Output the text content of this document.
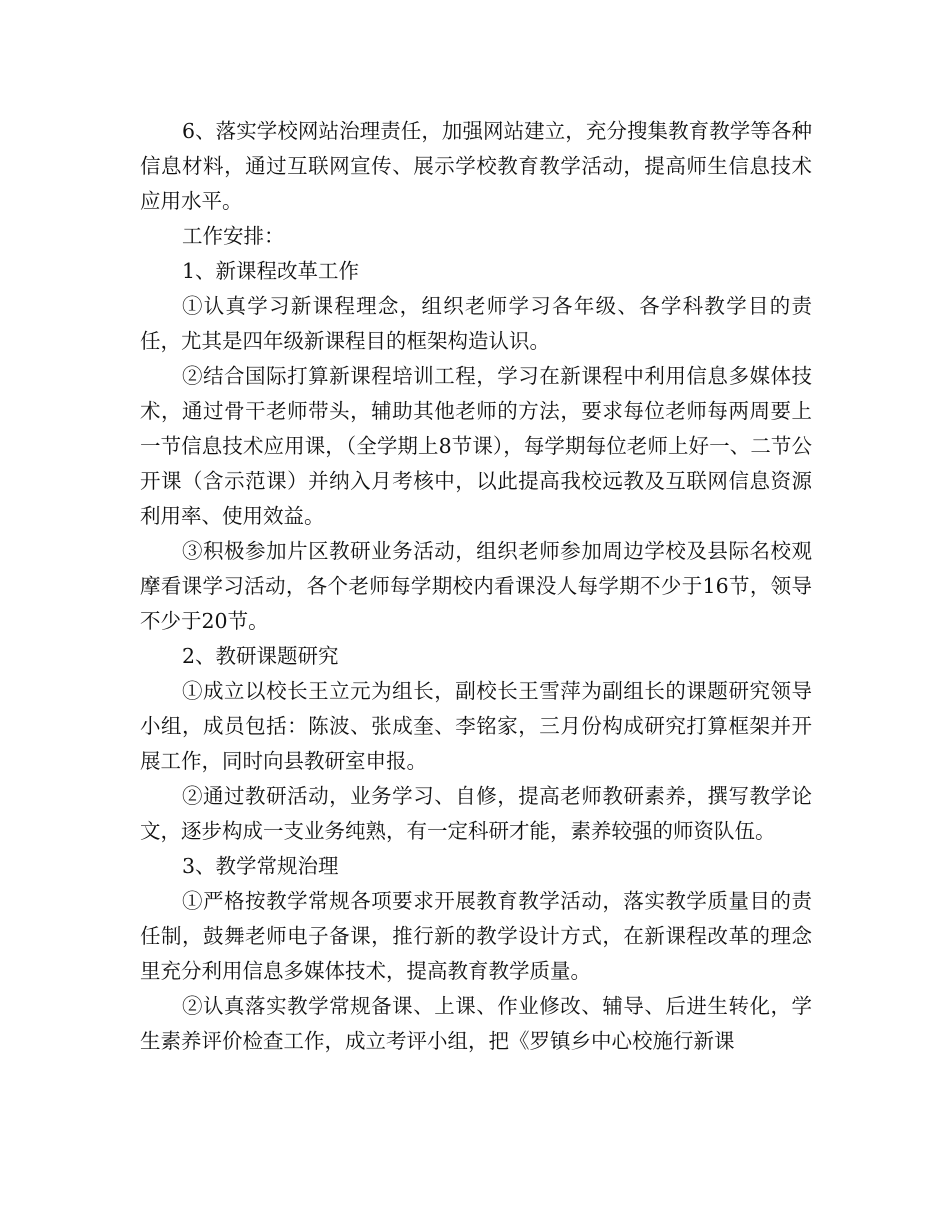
6、落实学校网站治理责任，加强网站建立，充分搜集教育教学等各种信息材料，通过互联网宣传、展示学校教育教学活动，提高师生信息技术应用水平。

工作安排：

1、新课程改革工作

①认真学习新课程理念，组织老师学习各年级、各学科教学目的责任，尤其是四年级新课程目的框架构造认识。

②结合国际打算新课程培训工程，学习在新课程中利用信息多媒体技术，通过骨干老师带头，辅助其他老师的方法，要求每位老师每两周要上一节信息技术应用课，（全学期上8节课），每学期每位老师上好一、二节公开课（含示范课）并纳入月考核中，以此提高我校远教及互联网信息资源利用率、使用效益。

③积极参加片区教研业务活动，组织老师参加周边学校及县际名校观摩看课学习活动，各个老师每学期校内看课没人每学期不少于16节，领导不少于20节。

2、教研课题研究

①成立以校长王立元为组长，副校长王雪萍为副组长的课题研究领导小组，成员包括：陈波、张成奎、李铭家，三月份构成研究打算框架并开展工作，同时向县教研室申报。

②通过教研活动，业务学习、自修，提高老师教研素养，撰写教学论文，逐步构成一支业务纯熟，有一定科研才能，素养较强的师资队伍。

3、教学常规治理

①严格按教学常规各项要求开展教育教学活动，落实教学质量目的责任制，鼓舞老师电子备课，推行新的教学设计方式，在新课程改革的理念里充分利用信息多媒体技术，提高教育教学质量。

②认真落实教学常规备课、上课、作业修改、辅导、后进生转化，学生素养评价检查工作，成立考评小组，把《罗镇乡中心校施行新课
